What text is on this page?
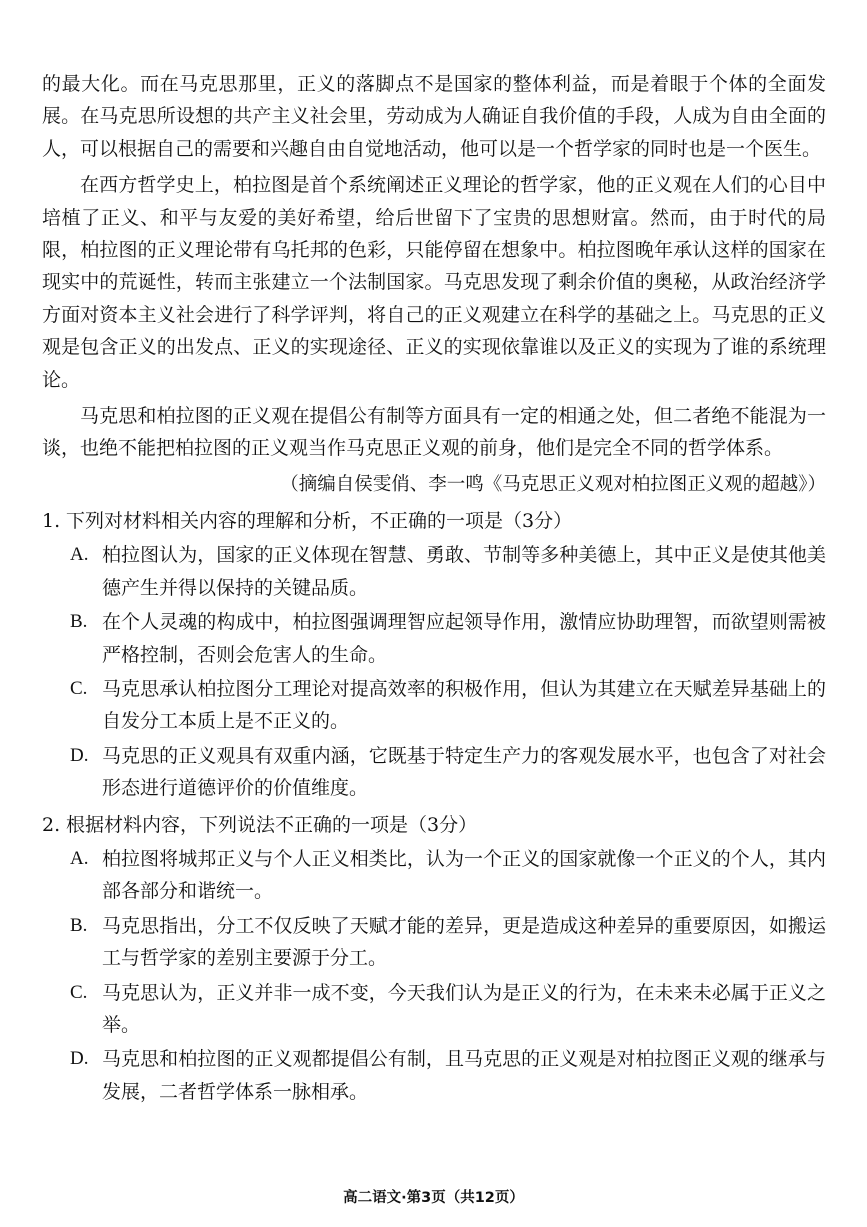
的最大化。而在马克思那里，正义的落脚点不是国家的整体利益，而是着眼于个体的全面发展。在马克思所设想的共产主义社会里，劳动成为人确证自我价值的手段，人成为自由全面的人，可以根据自己的需要和兴趣自由自觉地活动，他可以是一个哲学家的同时也是一个医生。

在西方哲学史上，柏拉图是首个系统阐述正义理论的哲学家，他的正义观在人们的心目中培植了正义、和平与友爱的美好希望，给后世留下了宝贵的思想财富。然而，由于时代的局限，柏拉图的正义理论带有乌托邦的色彩，只能停留在想象中。柏拉图晚年承认这样的国家在现实中的荒诞性，转而主张建立一个法制国家。马克思发现了剩余价值的奥秘，从政治经济学方面对资本主义社会进行了科学评判，将自己的正义观建立在科学的基础之上。马克思的正义观是包含正义的出发点、正义的实现途径、正义的实现依靠谁以及正义的实现为了谁的系统理论。

马克思和柏拉图的正义观在提倡公有制等方面具有一定的相通之处，但二者绝不能混为一谈，也绝不能把柏拉图的正义观当作马克思正义观的前身，他们是完全不同的哲学体系。

（摘编自侯雯俏、李一鸣《马克思正义观对柏拉图正义观的超越》）

1. 下列对材料相关内容的理解和分析，不正确的一项是（3分）

A. 柏拉图认为，国家的正义体现在智慧、勇敢、节制等多种美德上，其中正义是使其他美德产生并得以保持的关键品质。
B. 在个人灵魂的构成中，柏拉图强调理智应起领导作用，激情应协助理智，而欲望则需被严格控制，否则会危害人的生命。
C. 马克思承认柏拉图分工理论对提高效率的积极作用，但认为其建立在天赋差异基础上的自发分工本质上是不正义的。
D. 马克思的正义观具有双重内涵，它既基于特定生产力的客观发展水平，也包含了对社会形态进行道德评价的价值维度。

2. 根据材料内容，下列说法不正确的一项是（3分）

A. 柏拉图将城邦正义与个人正义相类比，认为一个正义的国家就像一个正义的个人，其内部各部分和谐统一。
B. 马克思指出，分工不仅反映了天赋才能的差异，更是造成这种差异的重要原因，如搬运工与哲学家的差别主要源于分工。
C. 马克思认为，正义并非一成不变，今天我们认为是正义的行为，在未来未必属于正义之举。
D. 马克思和柏拉图的正义观都提倡公有制，且马克思的正义观是对柏拉图正义观的继承与发展，二者哲学体系一脉相承。
高二语文·第3页（共12页）
